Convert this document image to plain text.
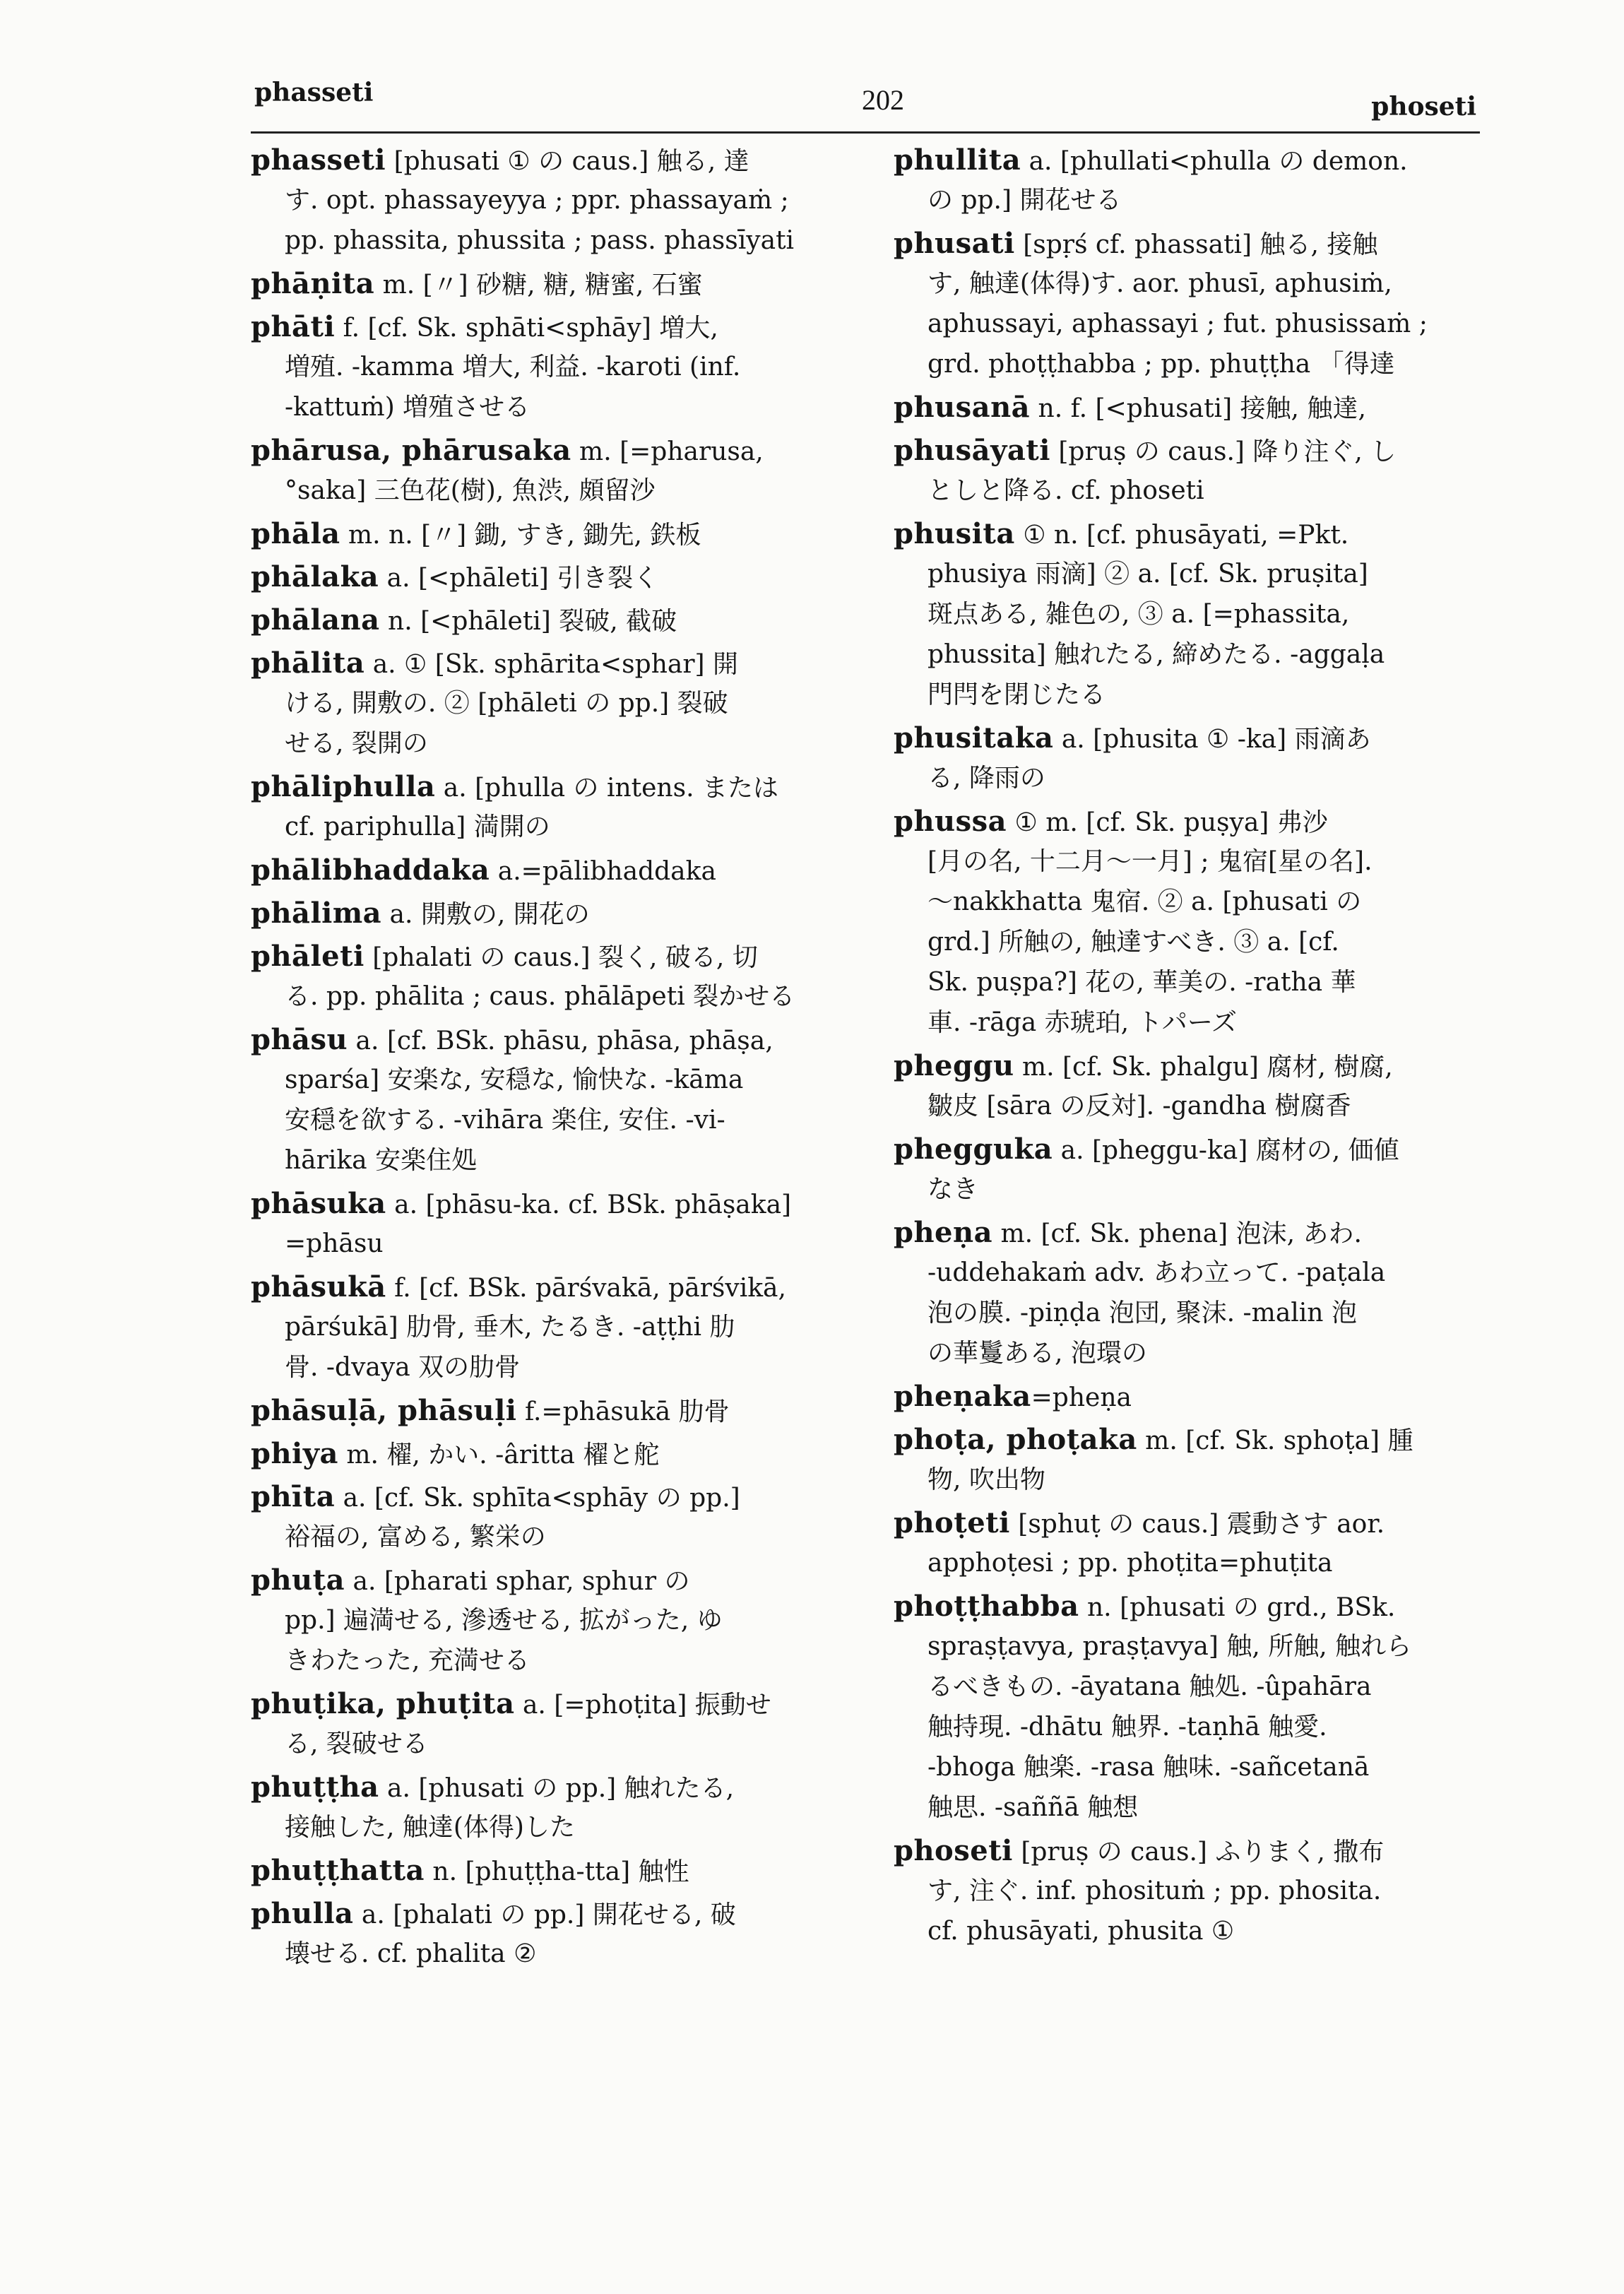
phasseti	202	phoseti
phasseti [phusati ① の caus.] 触る, 達
す. opt. phassayeyya ; ppr. phassayaṁ ;
pp. phassita, phussita ; pass. phassīyati
phāṇita m. [〃] 砂糖, 糖, 糖蜜, 石蜜
phāti f. [cf. Sk. sphāti<sphāy] 増大,
増殖. -kamma 増大, 利益. -karoti (inf.
-kattuṁ) 増殖させる
phārusa, phārusaka m. [=pharusa,
°saka] 三色花(樹), 魚渋, 頗留沙
phāla m. n. [〃] 鋤, すき, 鋤先, 鉄板
phālaka a. [<phāleti] 引き裂く
phālana n. [<phāleti] 裂破, 截破
phālita a. ① [Sk. sphārita<sphar] 開
ける, 開敷の. ② [phāleti の pp.] 裂破
せる, 裂開の
phāliphulla a. [phulla の intens. または
cf. pariphulla] 満開の
phālibhaddaka a.=pālibhaddaka
phālima a. 開敷の, 開花の
phāleti [phalati の caus.] 裂く, 破る, 切
る. pp. phālita ; caus. phālāpeti 裂かせる
phāsu a. [cf. BSk. phāsu, phāsa, phāṣa,
sparśa] 安楽な, 安穏な, 愉快な. -kāma
安穏を欲する. -vihāra 楽住, 安住. -vi-
hārika 安楽住処
phāsuka a. [phāsu-ka. cf. BSk. phāṣaka]
=phāsu
phāsukā f. [cf. BSk. pārśvakā, pārśvikā,
pārśukā] 肋骨, 垂木, たるき. -aṭṭhi 肋
骨. -dvaya 双の肋骨
phāsuḷā, phāsuḷi f.=phāsukā 肋骨
phiya m. 櫂, かい. -âritta 櫂と舵
phīta a. [cf. Sk. sphīta<sphāy の pp.]
裕福の, 富める, 繁栄の
phuṭa a. [pharati sphar, sphur の
pp.] 遍満せる, 滲透せる, 拡がった, ゆ
きわたった, 充満せる
phuṭika, phuṭita a. [=phoṭita] 振動せ
る, 裂破せる
phuṭṭha a. [phusati の pp.] 触れたる,
接触した, 触達(体得)した
phuṭṭhatta n. [phuṭṭha-tta] 触性
phulla a. [phalati の pp.] 開花せる, 破
壊せる. cf. phalita ②
phullita a. [phullati<phulla の demon.
の pp.] 開花せる
phusati [spṛś cf. phassati] 触る, 接触
す, 触達(体得)す. aor. phusī, aphusiṁ,
aphussayi, aphassayi ; fut. phusissaṁ ;
grd. phoṭṭhabba ; pp. phuṭṭha 「得達
phusanā n. f. [<phusati] 接触, 触達,
phusāyati [pruṣ の caus.] 降り注ぐ, し
としと降る. cf. phoseti
phusita ① n. [cf. phusāyati, =Pkt.
phusiya 雨滴] ② a. [cf. Sk. pruṣita]
斑点ある, 雑色の, ③ a. [=phassita,
phussita] 触れたる, 締めたる. -aggaḷa
門閂を閉じたる
phusitaka a. [phusita ① -ka] 雨滴あ
る, 降雨の
phussa ① m. [cf. Sk. puṣya] 弗沙
[月の名, 十二月～一月] ; 鬼宿[星の名].
～nakkhatta 鬼宿. ② a. [phusati の
grd.] 所触の, 触達すべき. ③ a. [cf.
Sk. puṣpa?] 花の, 華美の. -ratha 華
車. -rāga 赤琥珀, トパーズ
pheggu m. [cf. Sk. phalgu] 腐材, 樹腐,
皺皮 [sāra の反対]. -gandha 樹腐香
phegguka a. [pheggu-ka] 腐材の, 価値
なき
pheṇa m. [cf. Sk. phena] 泡沫, あわ.
-uddehakaṁ adv. あわ立って. -paṭala
泡の膜. -piṇḍa 泡団, 聚沫. -malin 泡
の華鬘ある, 泡環の
pheṇaka=pheṇa
phoṭa, phoṭaka m. [cf. Sk. sphoṭa] 腫
物, 吹出物
phoṭeti [sphuṭ の caus.] 震動さす aor.
apphoṭesi ; pp. phoṭita=phuṭita
phoṭṭhabba n. [phusati の grd., BSk.
spraṣṭavya, praṣṭavya] 触, 所触, 触れら
るべきもの. -āyatana 触処. -ûpahāra
触持現. -dhātu 触界. -taṇhā 触愛.
-bhoga 触楽. -rasa 触味. -sañcetanā
触思. -saññā 触想
phoseti [pruṣ の caus.] ふりまく, 撒布
す, 注ぐ. inf. phosituṁ ; pp. phosita.
cf. phusāyati, phusita ①
